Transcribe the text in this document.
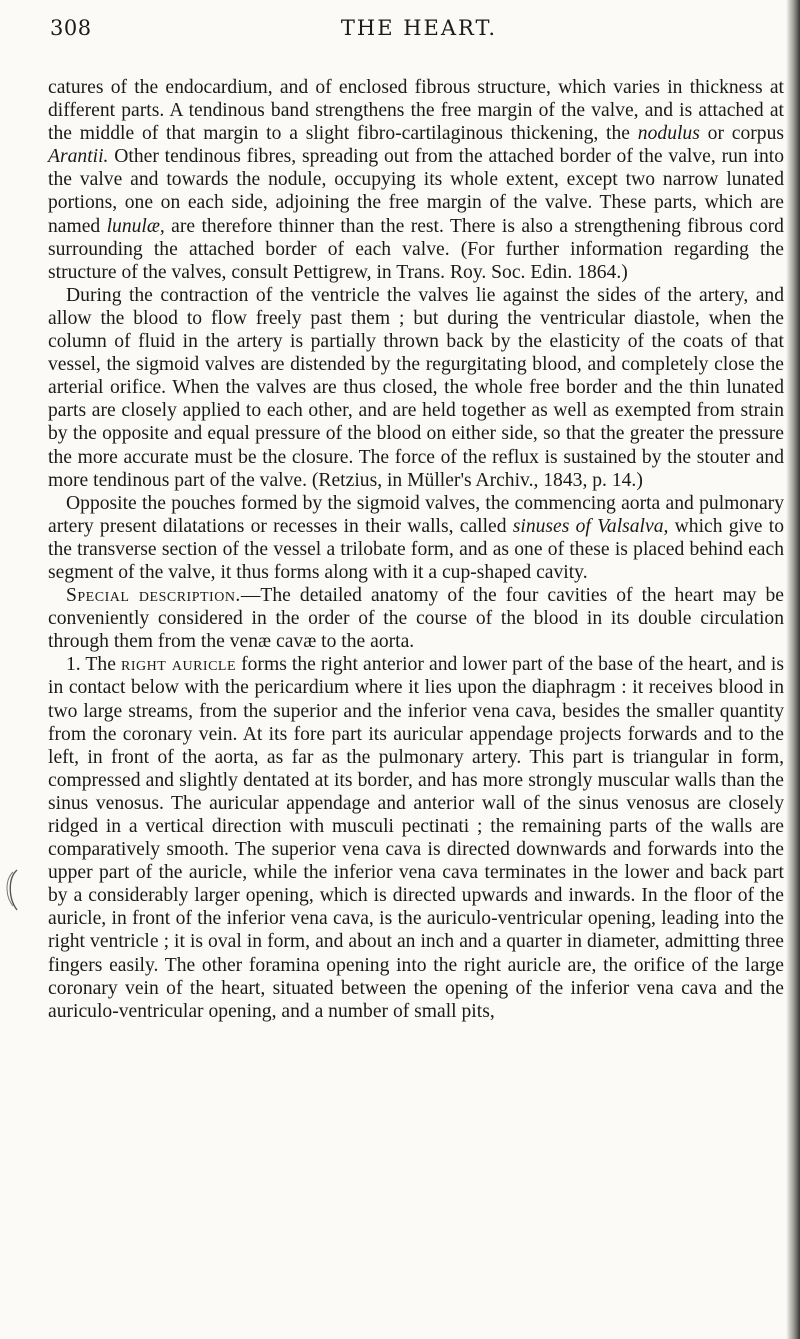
308	THE HEART.

catures of the endocardium, and of enclosed fibrous structure, which varies in thickness at different parts. A tendinous band strengthens the free margin of the valve, and is attached at the middle of that margin to a slight fibro-cartilaginous thickening, the nodulus or corpus Arantii. Other tendinous fibres, spreading out from the attached border of the valve, run into the valve and towards the nodule, occupying its whole extent, except two narrow lunated portions, one on each side, adjoining the free margin of the valve. These parts, which are named lunulæ, are therefore thinner than the rest. There is also a strengthening fibrous cord surrounding the attached border of each valve. (For further information regarding the structure of the valves, consult Pettigrew, in Trans. Roy. Soc. Edin. 1864.)

During the contraction of the ventricle the valves lie against the sides of the artery, and allow the blood to flow freely past them ; but during the ventricular diastole, when the column of fluid in the artery is partially thrown back by the elasticity of the coats of that vessel, the sigmoid valves are distended by the regurgitating blood, and completely close the arterial orifice. When the valves are thus closed, the whole free border and the thin lunated parts are closely applied to each other, and are held together as well as exempted from strain by the opposite and equal pressure of the blood on either side, so that the greater the pressure the more accurate must be the closure. The force of the reflux is sustained by the stouter and more tendinous part of the valve. (Retzius, in Müller's Archiv., 1843, p. 14.)

Opposite the pouches formed by the sigmoid valves, the commencing aorta and pulmonary artery present dilatations or recesses in their walls, called sinuses of Valsalva, which give to the transverse section of the vessel a trilobate form, and as one of these is placed behind each segment of the valve, it thus forms along with it a cup-shaped cavity.

Special description.—The detailed anatomy of the four cavities of the heart may be conveniently considered in the order of the course of the blood in its double circulation through them from the venæ cavæ to the aorta.

1. The right auricle forms the right anterior and lower part of the base of the heart, and is in contact below with the pericardium where it lies upon the diaphragm : it receives blood in two large streams, from the superior and the inferior vena cava, besides the smaller quantity from the coronary vein. At its fore part its auricular appendage projects forwards and to the left, in front of the aorta, as far as the pulmonary artery. This part is triangular in form, compressed and slightly dentated at its border, and has more strongly muscular walls than the sinus venosus. The auricular appendage and anterior wall of the sinus venosus are closely ridged in a vertical direction with musculi pectinati ; the remaining parts of the walls are comparatively smooth. The superior vena cava is directed downwards and forwards into the upper part of the auricle, while the inferior vena cava terminates in the lower and back part by a considerably larger opening, which is directed upwards and inwards. In the floor of the auricle, in front of the inferior vena cava, is the auriculo-ventricular opening, leading into the right ventricle ; it is oval in form, and about an inch and a quarter in diameter, admitting three fingers easily. The other foramina opening into the right auricle are, the orifice of the large coronary vein of the heart, situated between the opening of the inferior vena cava and the auriculo-ventricular opening, and a number of small pits,
